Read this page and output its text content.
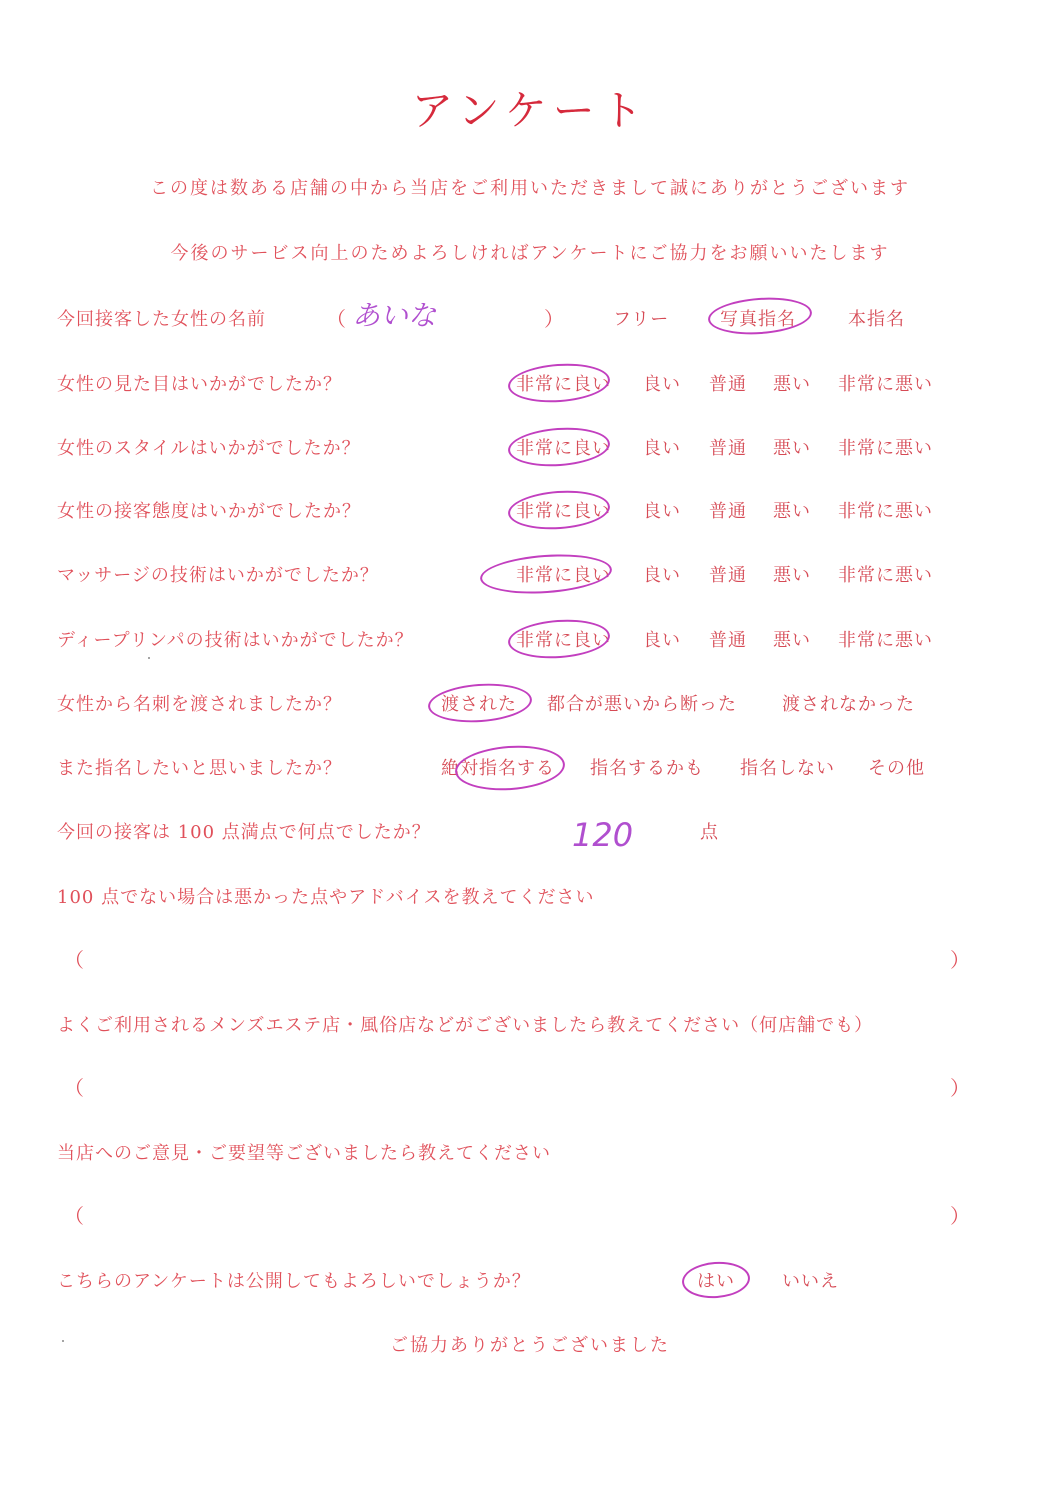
アンケート
この度は数ある店舗の中から当店をご利用いただきまして誠にありがとうございます
今後のサービス向上のためよろしければアンケートにご協力をお願いいたします
今回接客した女性の名前	（ あいな	）	フリー	写真指名	本指名
女性の見た目はいかがでしたか？	非常に良い 良い 普通 悪い 非常に悪い
女性のスタイルはいかがでしたか？	非常に良い 良い 普通 悪い 非常に悪い
女性の接客態度はいかがでしたか？	非常に良い 良い 普通 悪い 非常に悪い
マッサージの技術はいかがでしたか？	非常に良い 良い 普通 悪い 非常に悪い
ディープリンパの技術はいかがでしたか？	非常に良い 良い 普通 悪い 非常に悪い
女性から名刺を渡されましたか？	渡された 都合が悪いから断った	渡されなかった
また指名したいと思いましたか？	絶対指名する 指名するかも 指名しない その他
今回の接客は 100 点満点で何点でしたか？	120	点
100 点でない場合は悪かった点やアドバイスを教えてください
（	）
よくご利用されるメンズエステ店・風俗店などがございましたら教えてください（何店舗でも）
（	）
当店へのご意見・ご要望等ございましたら教えてください
（	）
こちらのアンケートは公開してもよろしいでしょうか？	はい	いいえ
ご協力ありがとうございました
